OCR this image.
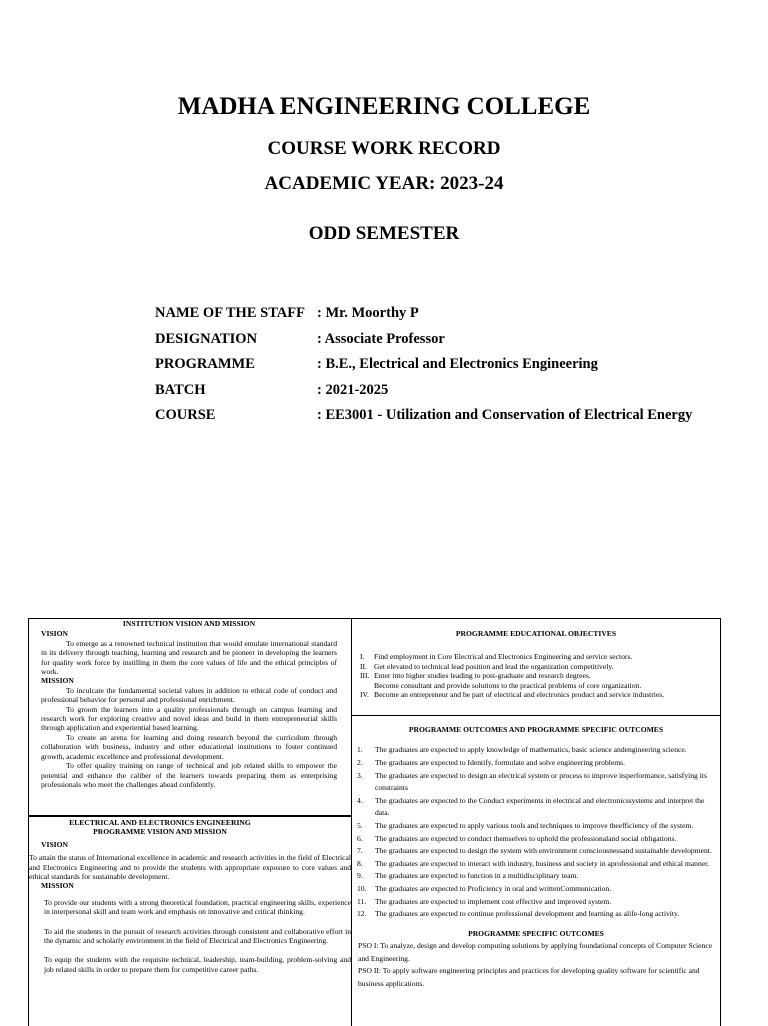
MADHA ENGINEERING COLLEGE
COURSE WORK RECORD
ACADEMIC YEAR: 2023-24
ODD SEMESTER
NAME OF THE STAFF : Mr. Moorthy P
DESIGNATION	: Associate Professor
PROGRAMME	: B.E., Electrical and Electronics Engineering
BATCH	: 2021-2025
COURSE	: EE3001 - Utilization and Conservation of Electrical Energy
INSTITUTION VISION AND MISSION
VISION
To emerge as a renowned technical institution that would emulate international standard in its delivery through teaching, learning and research and be pioneer in developing the learners for quality work force by instilling in them the core values of life and the ethical principles of work.
MISSION
To inculcate the fundamental societal values in addition to ethical code of conduct and professional behavior for personal and professional enrichment.
To groom the learners into a quality professionals through on campus learning and research work for exploring creative and novel ideas and build in them entrepreneurial skills through application and experiential based learning.
To create an arena for learning and doing research beyond the curriculum through collaboration with business, industry and other educational institutions to foster continued growth, academic excellence and professional development.
To offer quality training on range of technical and job related skills to empower the potential and enhance the caliber of the learners towards preparing them as enterprising professionals who meet the challenges ahead confidently.
ELECTRICAL AND ELECTRONICS ENGINEERING
PROGRAMME VISION AND MISSION
VISION
To attain the status of International excellence in academic and research activities in the field of Electrical and Electronics Engineering and to provide the students with appropriate exposure to core values and ethical standards for sustainable development.
MISSION
To provide our students with a strong theoretical foundation, practical engineering skills, experience in interpersonal skill and team work and emphasis on innovative and critical thinking.
To aid the students in the pursuit of research activities through consistent and collaborative effort in the dynamic and scholarly environment in the field of Electrical and Electronics Engineering.
To equip the students with the requisite technical, leadership, team-building, problem-solving and job related skills in order to prepare them for competitive career paths.
PROGRAMME EDUCATIONAL OBJECTIVES
I. Find employment in Core Electrical and Electronics Engineering and service sectors.
II. Get elevated to technical lead position and lead the organization competitively.
III. Enter into higher studies leading to post-graduate and research degrees.
Become consultant and provide solutions to the practical problems of core organization.
IV. Become an entrepreneur and be part of electrical and electronics product and service industries.
PROGRAMME OUTCOMES AND PROGRAMME SPECIFIC OUTCOMES
1. The graduates are expected to apply knowledge of mathematics, basic science andengineering science.
2. The graduates are expected to Identify, formulate and solve engineering problems.
3. The graduates are expected to design an electrical system or process to improve itsperformance, satisfying its constraints
4. The graduates are expected to the Conduct experiments in electrical and electronicssystems and interpret the data.
5. The graduates are expected to apply various tools and techniques to improve theefficiency of the system.
6. The graduates are expected to conduct themselves to uphold the professionaland social obligations.
7. The graduates are expected to design the system with environment consciousnessand sustainable development.
8. The graduates are expected to interact with industry, business and society in aprofessional and ethical manner.
9. The graduates are expected to function in a multidisciplinary team.
10. The graduates are expected to Proficiency in oral and writtenCommunication.
11. The graduates are expected to implement cost effective and improved system.
12. The graduates are expected to continue professional development and learning as alife-long activity.
PROGRAMME SPECIFIC OUTCOMES

PSO I: To analyze, design and develop computing solutions by applying foundational concepts of Computer Science and Engineering.

PSO II: To apply software engineering principles and practices for developing quality software for scientific and business applications.
